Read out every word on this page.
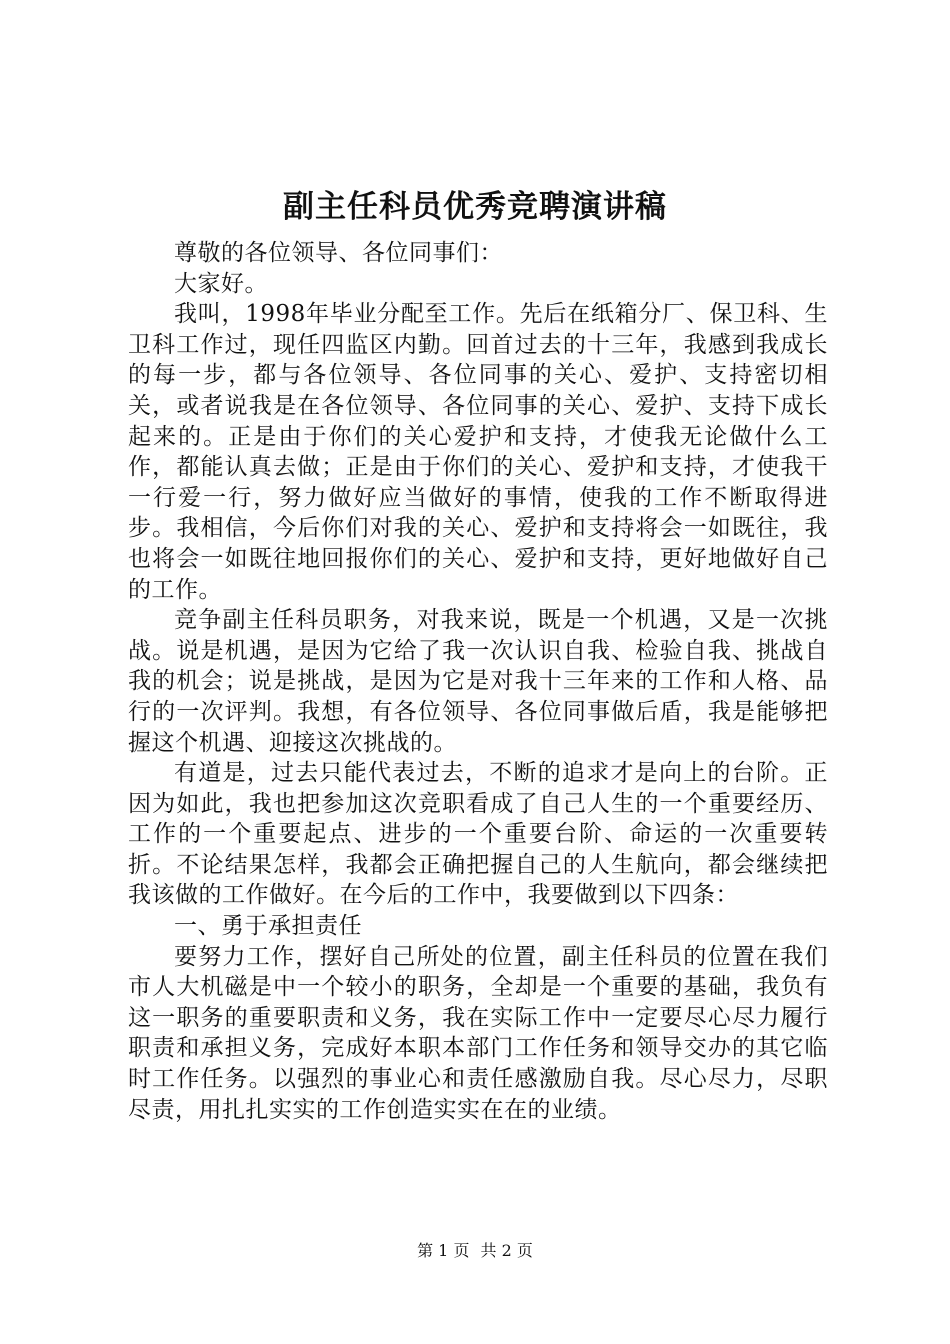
副主任科员优秀竞聘演讲稿

尊敬的各位领导、各位同事们：

大家好。

我叫，1998年毕业分配至工作。先后在纸箱分厂、保卫科、生卫科工作过，现任四监区内勤。回首过去的十三年，我感到我成长的每一步，都与各位领导、各位同事的关心、爱护、支持密切相关，或者说我是在各位领导、各位同事的关心、爱护、支持下成长起来的。正是由于你们的关心爱护和支持，才使我无论做什么工作，都能认真去做；正是由于你们的关心、爱护和支持，才使我干一行爱一行，努力做好应当做好的事情，使我的工作不断取得进步。我相信，今后你们对我的关心、爱护和支持将会一如既往，我也将会一如既往地回报你们的关心、爱护和支持，更好地做好自己的工作。

竞争副主任科员职务，对我来说，既是一个机遇，又是一次挑战。说是机遇，是因为它给了我一次认识自我、检验自我、挑战自我的机会；说是挑战，是因为它是对我十三年来的工作和人格、品行的一次评判。我想，有各位领导、各位同事做后盾，我是能够把握这个机遇、迎接这次挑战的。

有道是，过去只能代表过去，不断的追求才是向上的台阶。正因为如此，我也把参加这次竞职看成了自己人生的一个重要经历、工作的一个重要起点、进步的一个重要台阶、命运的一次重要转折。不论结果怎样，我都会正确把握自己的人生航向，都会继续把我该做的工作做好。在今后的工作中，我要做到以下四条：

一、勇于承担责任

要努力工作，摆好自己所处的位置，副主任科员的位置在我们市人大机磁是中一个较小的职务，全却是一个重要的基础，我负有这一职务的重要职责和义务，我在实际工作中一定要尽心尽力履行职责和承担义务，完成好本职本部门工作任务和领导交办的其它临时工作任务。以强烈的事业心和责任感激励自我。尽心尽力，尽职尽责，用扎扎实实的工作创造实实在在的业绩。

第 1 页 共 2 页
